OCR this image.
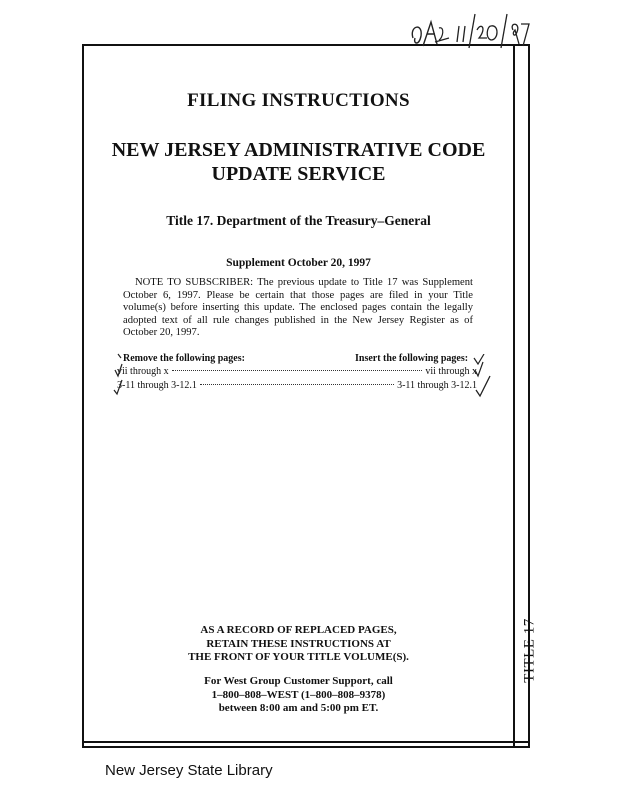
9A 11/20/97
FILING INSTRUCTIONS
NEW JERSEY ADMINISTRATIVE CODE
UPDATE SERVICE
Title 17. Department of the Treasury–General
Supplement October 20, 1997
NOTE TO SUBSCRIBER: The previous update to Title 17 was Supplement October 6, 1997. Please be certain that those pages are filed in your Title volume(s) before inserting this update. The enclosed pages contain the legally adopted text of all rule changes published in the New Jersey Register as of October 20, 1997.
Remove the following pages:	Insert the following pages:
vii through x	vii through x
3-11 through 3-12.1	3-11 through 3-12.1
AS A RECORD OF REPLACED PAGES,
RETAIN THESE INSTRUCTIONS AT
THE FRONT OF YOUR TITLE VOLUME(S).
For West Group Customer Support, call
1–800–808–WEST (1–800–808–9378)
between 8:00 am and 5:00 pm ET.
TITLE 17
New Jersey State Library
